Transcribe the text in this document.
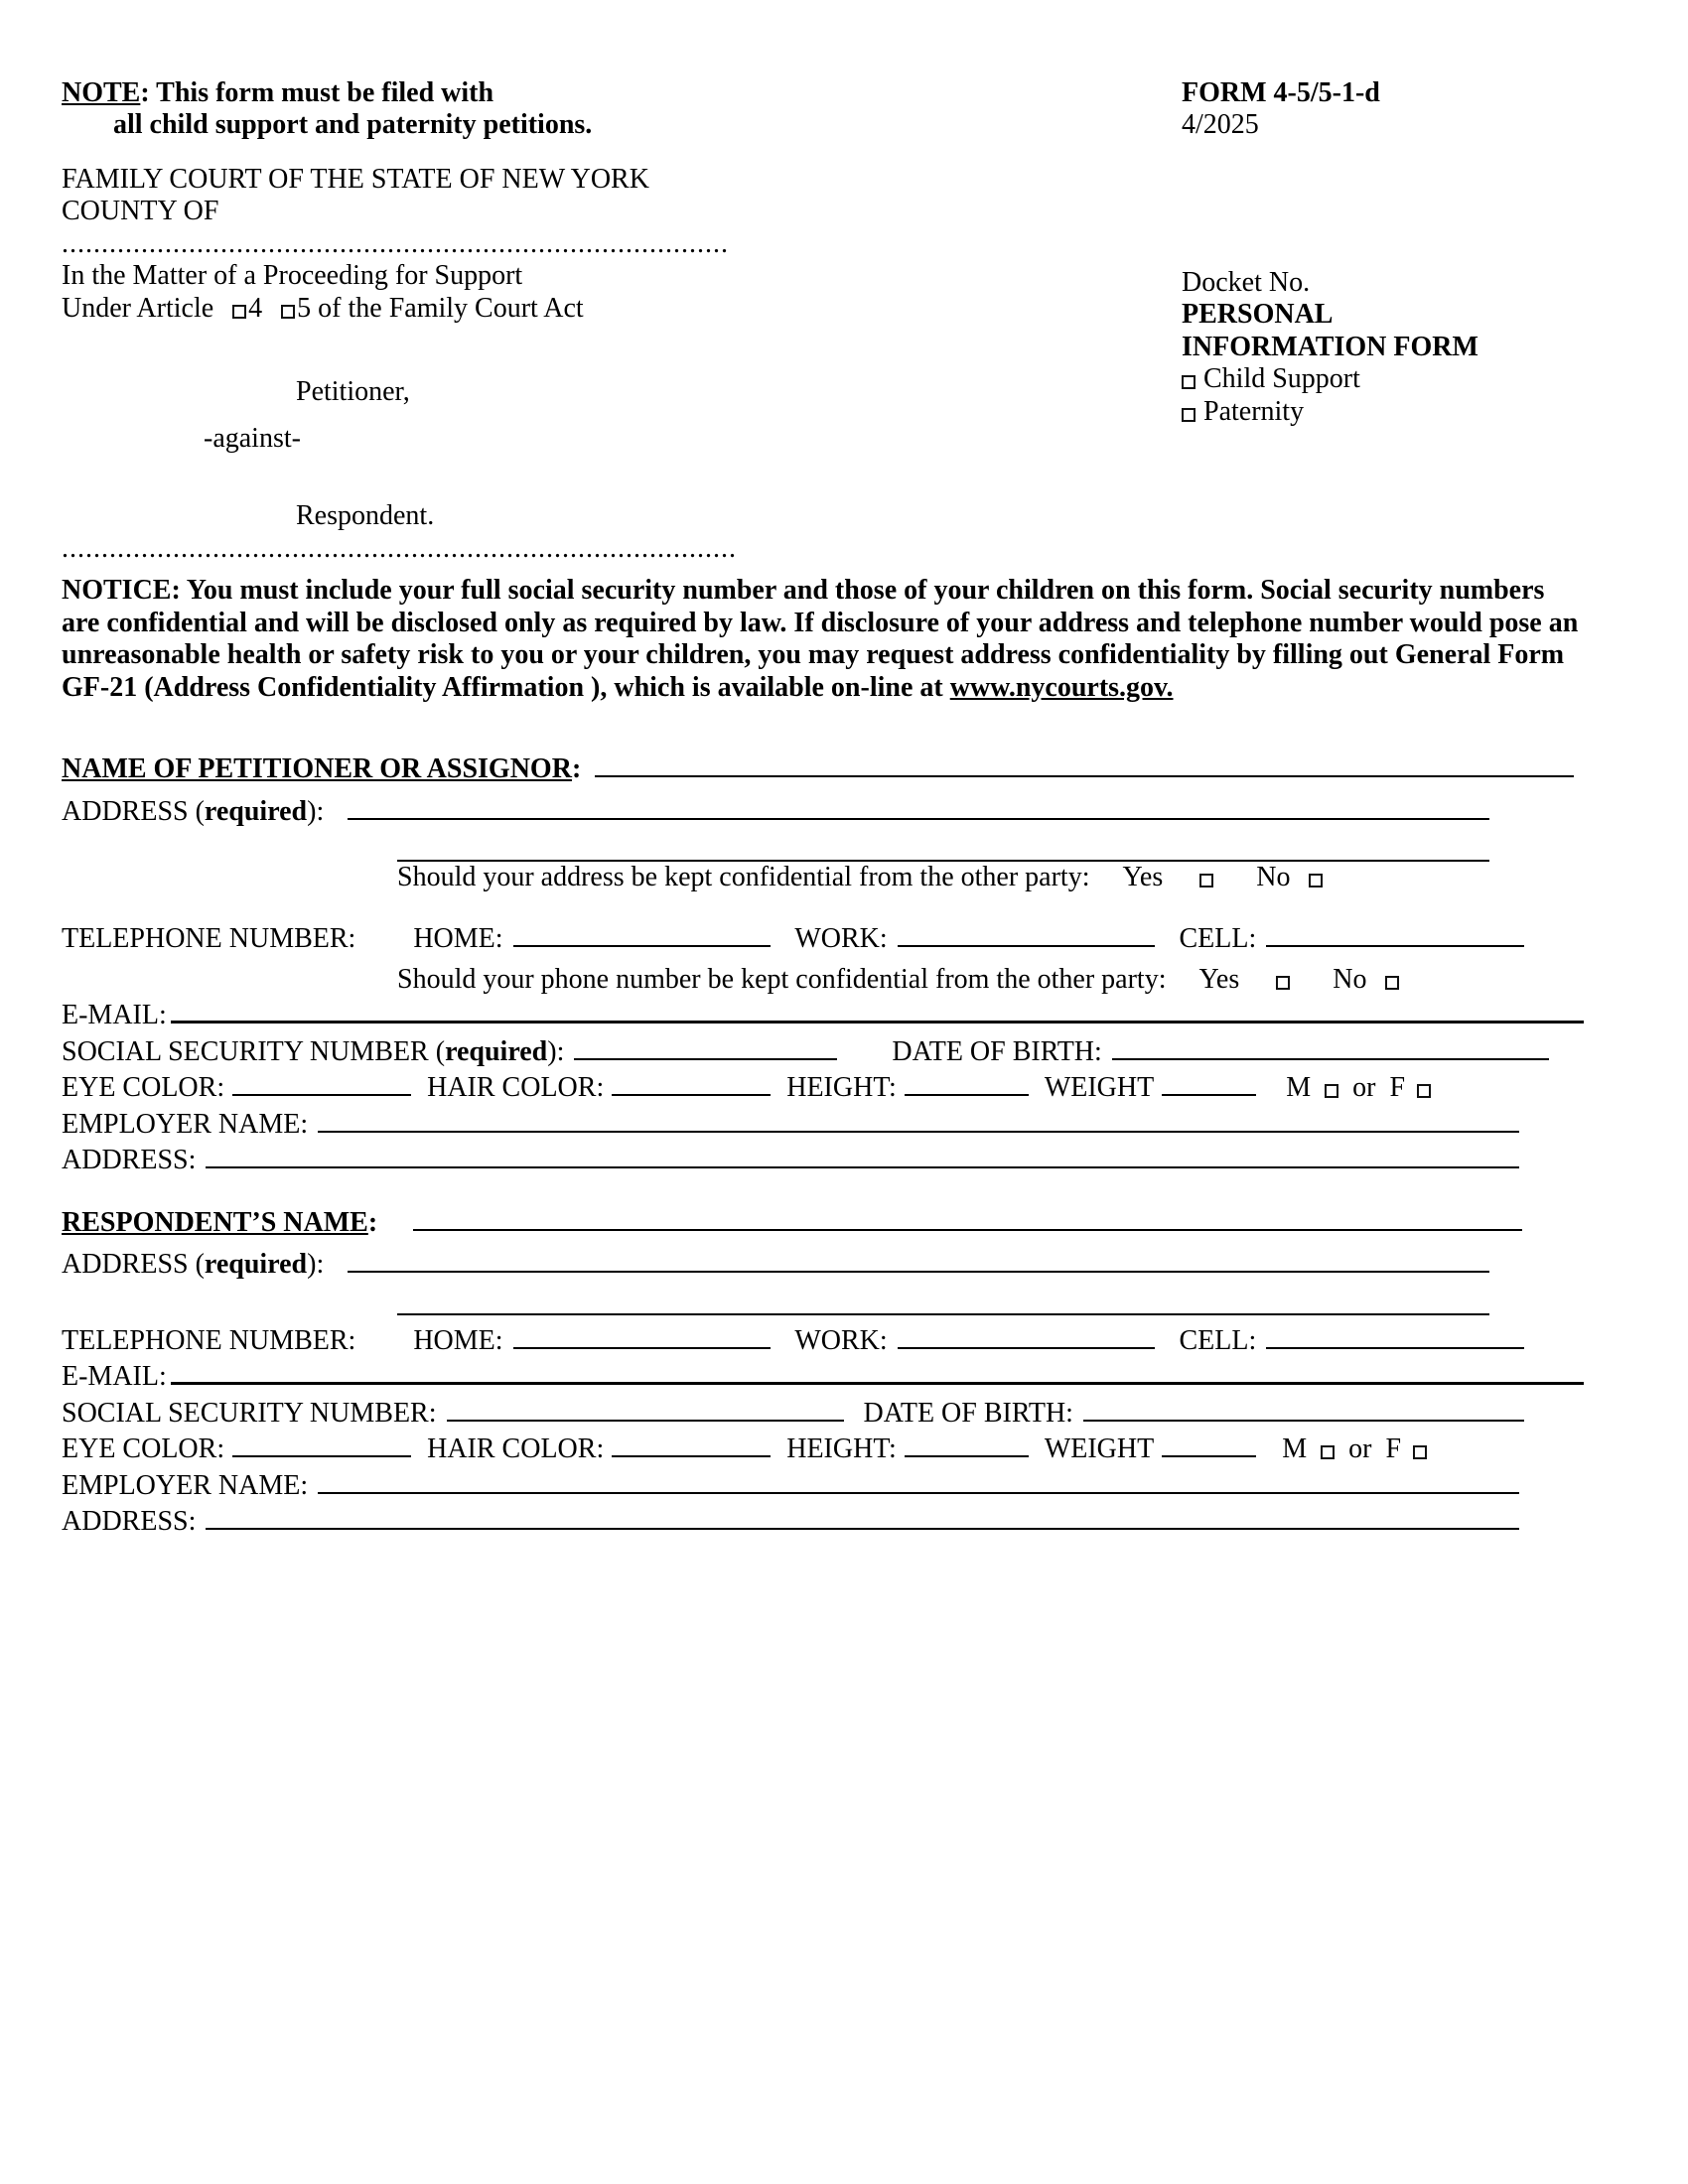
NOTE: This form must be filed with
all child support and paternity petitions.
FORM 4-5/5-1-d
4/2025
FAMILY COURT OF THE STATE OF NEW YORK
COUNTY OF
....................................................................................
In the Matter of a Proceeding for Support
Under Article 4 5 of the Family Court Act
Petitioner,
-against-
Respondent.
.....................................................................................
Docket No.
PERSONAL
INFORMATION FORM
Child Support
Paternity

NOTICE: You must include your full social security number and those of your children on this form. Social security numbers are confidential and will be disclosed only as required by law. If disclosure of your address and telephone number would pose an unreasonable health or safety risk to you or your children, you may request address confidentiality by filling out General Form GF-21 (Address Confidentiality Affirmation ), which is available on-line at www.nycourts.gov.

NAME OF PETITIONER OR ASSIGNOR:
ADDRESS (required):
Should your address be kept confidential from the other party: Yes	No
TELEPHONE NUMBER: HOME:	WORK:	CELL:
Should your phone number be kept confidential from the other party: Yes	No
E-MAIL:
SOCIAL SECURITY NUMBER (required):	DATE OF BIRTH:
EYE COLOR:	HAIR COLOR:	HEIGHT:	WEIGHT	M or F
EMPLOYER NAME:
ADDRESS:
RESPONDENT’S NAME:
ADDRESS (required):
TELEPHONE NUMBER: HOME:	WORK:	CELL:
E-MAIL:
SOCIAL SECURITY NUMBER:	DATE OF BIRTH:
EYE COLOR:	HAIR COLOR:	HEIGHT:	WEIGHT	M or F
EMPLOYER NAME:
ADDRESS:
